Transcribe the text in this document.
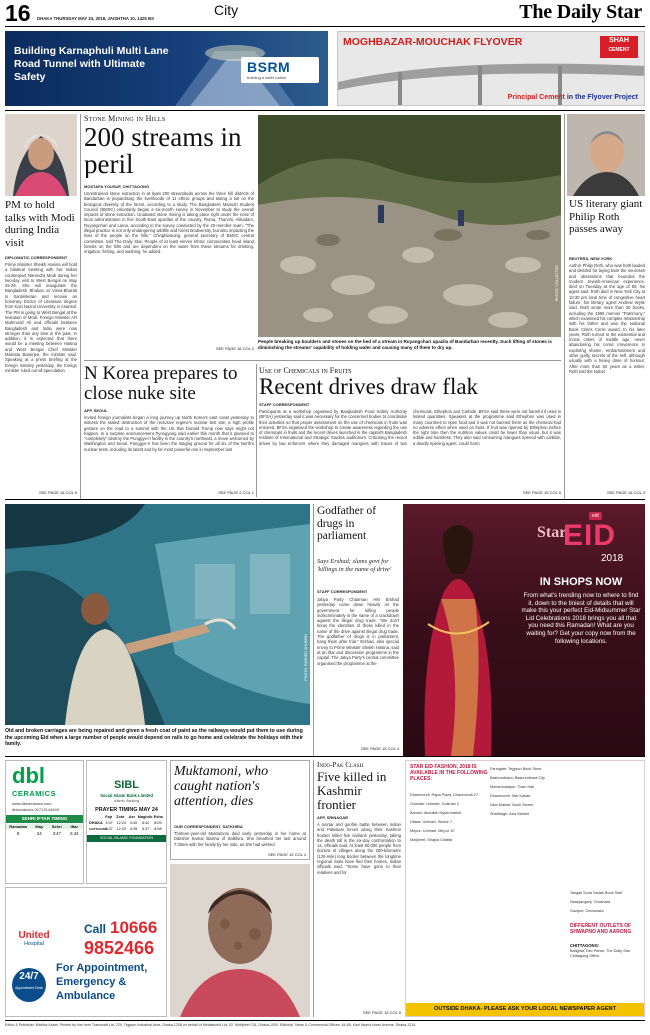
16 DHAKA THURSDAY MAY 24, 2018, JAISHTHA 10, 1425 BS
City	The Daily Star
Building Karnaphuli Multi Lane Road Tunnel with Ultimate Safety
BSRM
building a safer nation
MOGHBAZAR-MOUCHAK FLYOVER	SHAH
CEMENT
Principal Cement in the Flyover Project
PM to hold talks with Modi during India visit
DIPLOMATIC CORRESPONDENT
Prime Minister Sheikh Hasina will hold a bilateral meeting with her Indian counterpart Narendra Modi during her two-day visit to West Bengal on May 25-26. She will inaugurate the Bangladesh Bhaban at Visva-Bharati in Santiniketan and receive an honorary Doctor of Literature degree from Kazi Nazrul University in Asansol. The PM is going to West Bengal at the invitation of Modi. Foreign Minister AH Mahmood Ali and officials between Bangladesh and India were now stronger than any time in the past. In addition, it is expected that there would be a meeting between Hasina and West Bengal Chief Minister Mamata Banerjee, the minister said. Speaking at a press briefing at the foreign ministry yesterday, the foreign minister ruled out all speculation
SEE PAGE 16 COL 5
Stone Mining in Hills
200 streams in peril
MOSTAFA YOUSUF, CHITTAGONG
Unrestrained stone extraction in at least 200 streambeds across the three hill districts of Bandarban is jeopardising the livelihoods of 11 ethnic groups and taking a toll on the biological diversity of the forest, according to a study. The Bangladesh Manush Student Council (BMSC) voluntarily began a six-month survey in November to study the overall impacts of stone extraction. Unabated stone mining is taking place right under the nose of local administration in five South-East upazilas of the country, Ruma, Thanchi, Alikadam, Ruyangchari and Lama, according to the survey conducted by the 20-member team. "The illegal practice is not only endangering wildlife and forest biodiversity, but also impacting the lives of the people on the hills," Chinghlamong, general secretary of BMSC central committee, told The Daily Star. People of at least eleven ethnic communities head inland forests on the hills and are dependent on the water from these streams for drinking, irrigation, fishing, and washing, he added.
SEE PAGE 16 COL 2
PHOTO: COLLECTED
People breaking up boulders and stones on the bed of a stream in Ruyangchari upazila of Bandarban recently. Such lifting of stones is diminishing the streams' capability of holding water and causing many of them to dry up.
US literary giant Philip Roth passes away
REUTERS, NEW YORK
Author Philip Roth, who was both lauded and derided for laying bare the neuroses and obsessions that hounded the modern Jewish-American experience, died on Tuesday at the age of 85, his agent said. Roth died in New York City at 10:30 pm local time of congestive heart failure, his literary agent Andrew Wylie said. Roth wrote more than 30 books, including the 1995 memoir "Patrimony," which examined his complex relationship with his father and won the National Book Critics Circle award. In his later years, Roth turned to the existential and moral crises of middle age, never abandoning his comic irreverence in exploring shame, embarrassment and other guilty secrets of the self, although usually with a heavy dose of humour. After more than 50 years as a writer, Roth told the Nobel
SEE PAGE 16 COL 3
N Korea prepares to close nuke site
AFP, SEOUL
Invited foreign journalists began a long journey up North Korea's east coast yesterday to witness the stated destruction of the reclusive regime's nuclear test site, a high profile gesture on the road to a summit with the US that Donald Trump now says might not happen. In a surprise announcement Pyongyang said earlier this month that it planned to "completely" destroy the Punggye-ri facility in the country's northeast, a move welcomed by Washington and Seoul. Punggye-ri has been the staging ground for all six of the North's nuclear tests, including its latest and by far most powerful one in September last
SEE PAGE 2 COL 1
Use of Chemicals in Fruits
Recent drives draw flak
STAFF CORRESPONDENT
Participants at a workshop organised by Bangladesh Food Safety Authority (BFSA) yesterday said it was necessary for the concerned bodies to coordinate their activities so that proper assessment on the use of chemicals in fruits was ensured. BFSA organised the workshop to create awareness regarding the use of chemicals in fruits and the recent drives launched in the capital's Bangladesh Institute of International and Strategic Studies auditorium. Criticising the recent drives by law enforcers where they damaged mangoes with traces of two chemicals, Ethephon and Carbide, BFSA said these were not harmful if used in limited quantities. Speakers at the programme said Ethephon was used in many countries to ripen food and it was not banned there as the chemical had no adverse effect when used on fruits. If fruit was ripened by Ethephon before the right time then the nutrition values could be lower than usual, but it was edible and harmless. They also said consuming mangoes ripened with carbide, a deadly ripening agent, could harm
SEE PAGE 16 COL 5
PHOTO: RASHED SHUMON
Old and broken carriages are being repaired and given a fresh coat of paint as the railways would put them to use during the upcoming Eid when a large number of people would depend on rails to go home and celebrate the holidays with their family.
Godfather of drugs in parliament
Says Ershad; slams govt for 'killings in the name of drive'
STAFF CORRESPONDENT
Jatiya Party Chairman HM Ershad yesterday came down heavily on the government for killing people indiscriminately in the name of a crackdown against the illegal drug trade. "We don't know the identities of those killed in the name of the drive against illegal drug trade. The godfather of drugs is in parliament, hang them after trial," Ershad, also special envoy to Prime Minister Sheikh Hasina, said at an iftar and discussion programme in the capital. The Jatiya Party's central committee organised the programme at the
SEE PAGE 15 COL 4
Star
eid
EID
2018
IN SHOPS NOW
From what's trending now to where to find it, down to the tiniest of details that will make this your perfect Eid-Midsummer Star Lid Celebrations 2018 brings you all that you need this Ramadan! What are you waiting for? Get your copy now from the following locations.
dbl
CERAMICS
www.dblceramics.com
dblceramics 01713144949
SEHRI IFTAR TIMING
Ramadan	May	Sehri	Iftar
8	24	3:47	6:42
SIBL
Social Islami Bank Limited
Islamic Banking
PRAYER TIMING MAY 24
Fajr	Zohr	Asr Maghrib Esha
DHAKA 3:47 12:24 4:40	6:42	8:09
CHITTAGONG
3:37 12:20 4:35	6:37	8:08
SOCIAL ISLAMIC FOUNDATION
United
Hospital
Call 10666
9852466
24/7
Appointment Desk
For Appointment,
Emergency &
Ambulance
Muktamoni, who caught nation's attention, dies
OUR CORRESPONDENT, SATKHIRA
Thirteen-year-old Muktamoni died early yesterday in her home at Dakshin Kamar Baisha of Satkhira. She breathed her last around 7:30am with her family by her side, as she had wished.
SEE PAGE 15 COL 4
Indo-Pak Clash
Five killed in Kashmir frontier
AFP, SRINAGAR
A mortar and gunfire battle between Indian and Pakistani forces along their Kashmir frontier killed five civilians yesterday, taking the death toll in the six-day confrontation to 14, officials said. At least 80,000 people from dozens of villages along the 200-kilometre (125-mile) long border between the longtime regional rivals have fled their homes, Indian officials said. "Some have gone to their relatives and for
SEE PAGE 15 COL 5
STAR EID FASHION, 2018 IS AVAILABLE IN THE FOLLOWING PLACES:
Dhanmondi: Rapa Plaza, Dhanmondi 27
Gulshan: Unimart, Gulshan 2
Banani: Abdullah Hypermarket
Uttara: Unimart, Sector 7
Mirpur: Unimart, Mirpur 10
Motijheel: Shapla Chattar
Farmgate: Tejgaon Book Store
Bashundhara: Bashundhara City
Mohammadpur: Town Hall
Dhanmondi: Star Kabab
New Market: Book Stores
Shahbagh: Aziz Market
Tangail Sona Sadak Book Stall
Narayanganj: Chashara
Gazipur: Chowrasta
DIFFERENT OUTLETS OF SHWAPNO AND AARONG
CHITTAGONG:
Batighar, Dev Pahar; The Daily Star Chittagong Office
OUTSIDE DHAKA- PLEASE ASK YOUR LOCAL NEWSPAPER AGENT
Editor & Publisher: Mahfuz Anam. Printed by him from Transcraft Ltd, 229, Tejgaon Industrial Area, Dhaka-1208 on behalf of Mediaworld Ltd, 52, Motijheel C/A, Dhaka-1000. Editorial, News & Commercial Offices: 64-65, Kazi Nazrul Islam Avenue, Dhaka-1215.
